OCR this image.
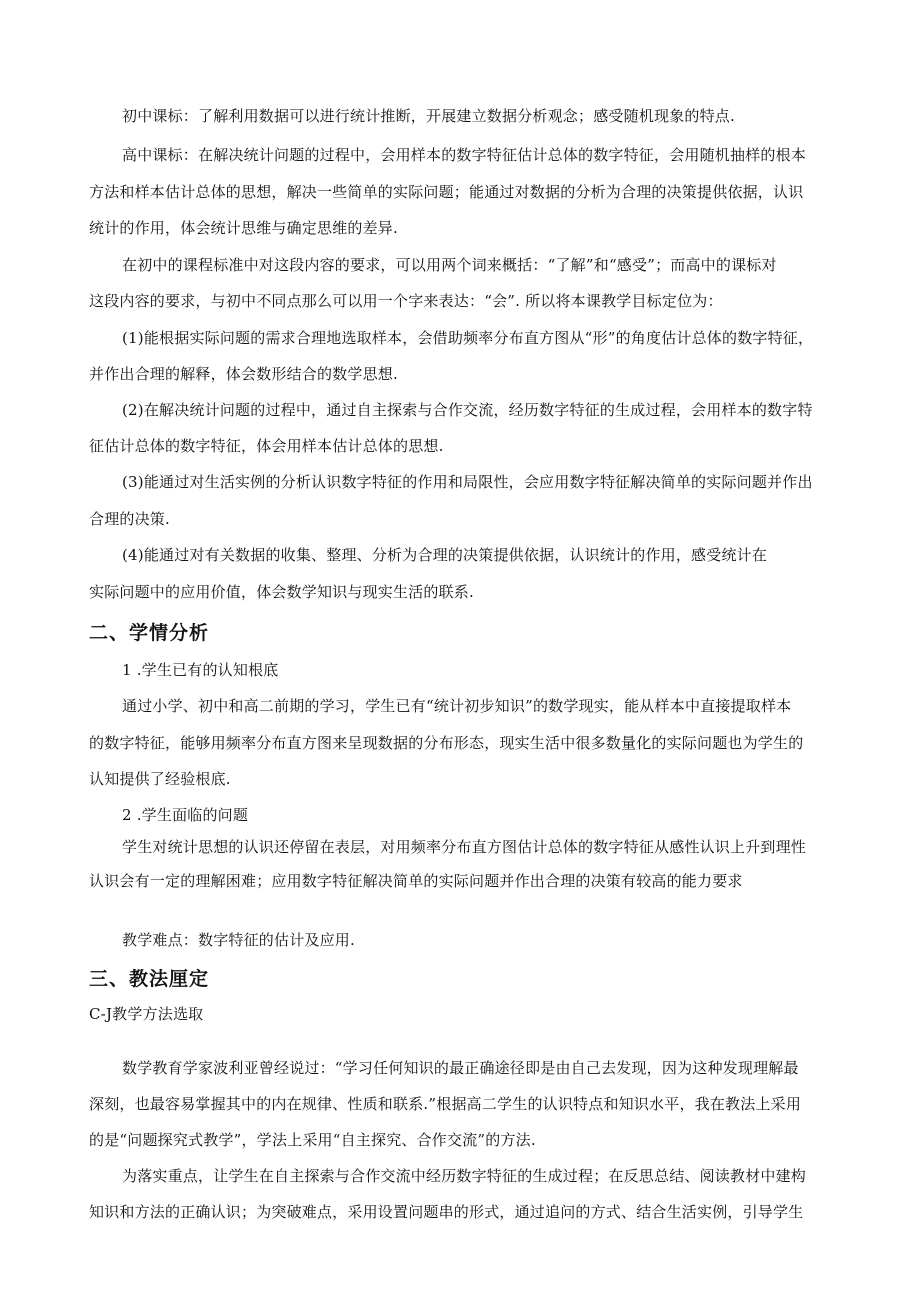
初中课标：了解利用数据可以进行统计推断，开展建立数据分析观念；感受随机现象的特点.
高中课标：在解决统计问题的过程中，会用样本的数字特征估计总体的数字特征，会用随机抽样的根本
方法和样本估计总体的思想，解决一些简单的实际问题；能通过对数据的分析为合理的决策提供依据，认识
统计的作用，体会统计思维与确定思维的差异.
在初中的课程标准中对这段内容的要求，可以用两个词来概括：“了解”和“感受”；而高中的课标对
这段内容的要求，与初中不同点那么可以用一个字来表达：“会”. 所以将本课教学目标定位为：
(1)能根据实际问题的需求合理地选取样本，会借助频率分布直方图从“形”的角度估计总体的数字特征，
并作出合理的解释，体会数形结合的数学思想.
(2)在解决统计问题的过程中，通过自主探索与合作交流，经历数字特征的生成过程，会用样本的数字特
征估计总体的数字特征，体会用样本估计总体的思想.
(3)能通过对生活实例的分析认识数字特征的作用和局限性，会应用数字特征解决简单的实际问题并作出
合理的决策.
(4)能通过对有关数据的收集、整理、分析为合理的决策提供依据，认识统计的作用，感受统计在
实际问题中的应用价值，体会数学知识与现实生活的联系.
二、学情分析
1 .学生已有的认知根底
通过小学、初中和高二前期的学习，学生已有“统计初步知识”的数学现实，能从样本中直接提取样本
的数字特征，能够用频率分布直方图来呈现数据的分布形态，现实生活中很多数量化的实际问题也为学生的
认知提供了经验根底.
2 .学生面临的问题
学生对统计思想的认识还停留在表层，对用频率分布直方图估计总体的数字特征从感性认识上升到理性
认识会有一定的理解困难；应用数字特征解决简单的实际问题并作出合理的决策有较高的能力要求
教学难点：数字特征的估计及应用.
三、教法厘定
C-J教学方法选取
数学教育学家波利亚曾经说过：“学习任何知识的最正确途径即是由自己去发现，因为这种发现理解最
深刻，也最容易掌握其中的内在规律、性质和联系.”根据高二学生的认识特点和知识水平，我在教法上采用
的是“问题探究式教学”，学法上采用“自主探究、合作交流”的方法.
为落实重点，让学生在自主探索与合作交流中经历数字特征的生成过程；在反思总结、阅读教材中建构
知识和方法的正确认识；为突破难点，采用设置问题串的形式，通过追问的方式、结合生活实例，引导学生
